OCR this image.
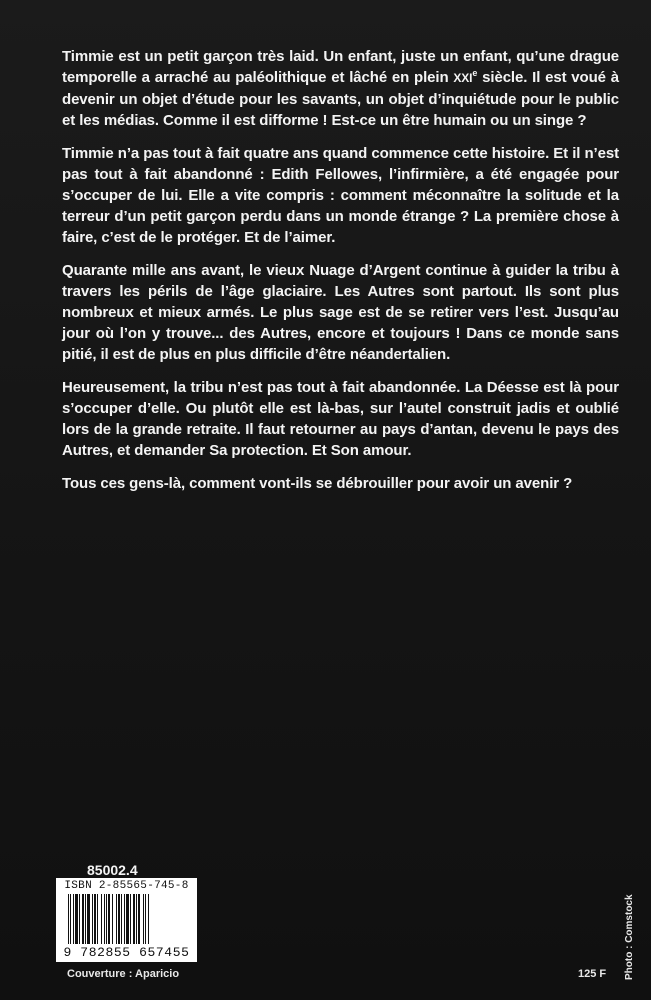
Timmie est un petit garçon très laid. Un enfant, juste un enfant, qu’une drague temporelle a arraché au paléolithique et lâché en plein XXIe siècle. Il est voué à devenir un objet d’étude pour les savants, un objet d’inquiétude pour le public et les médias. Comme il est difforme ! Est-ce un être humain ou un singe ?

Timmie n’a pas tout à fait quatre ans quand commence cette histoire. Et il n’est pas tout à fait abandonné : Edith Fellowes, l’infirmière, a été engagée pour s’occuper de lui. Elle a vite compris : comment méconnaître la solitude et la terreur d’un petit garçon perdu dans un monde étrange ? La première chose à faire, c’est de le protéger. Et de l’aimer.

Quarante mille ans avant, le vieux Nuage d’Argent continue à guider la tribu à travers les périls de l’âge glaciaire. Les Autres sont partout. Ils sont plus nombreux et mieux armés. Le plus sage est de se retirer vers l’est. Jusqu’au jour où l’on y trouve... des Autres, encore et toujours ! Dans ce monde sans pitié, il est de plus en plus difficile d’être néandertalien.

Heureusement, la tribu n’est pas tout à fait abandonnée. La Déesse est là pour s’occuper d’elle. Ou plutôt elle est là-bas, sur l’autel construit jadis et oublié lors de la grande retraite. Il faut retourner au pays d’antan, devenu le pays des Autres, et demander Sa protection. Et Son amour.

Tous ces gens-là, comment vont-ils se débrouiller pour avoir un avenir ?

85002.4
ISBN 2-85565-745-8
9 782855 657455
Couverture : Aparicio	125 F Photo : Comstock
